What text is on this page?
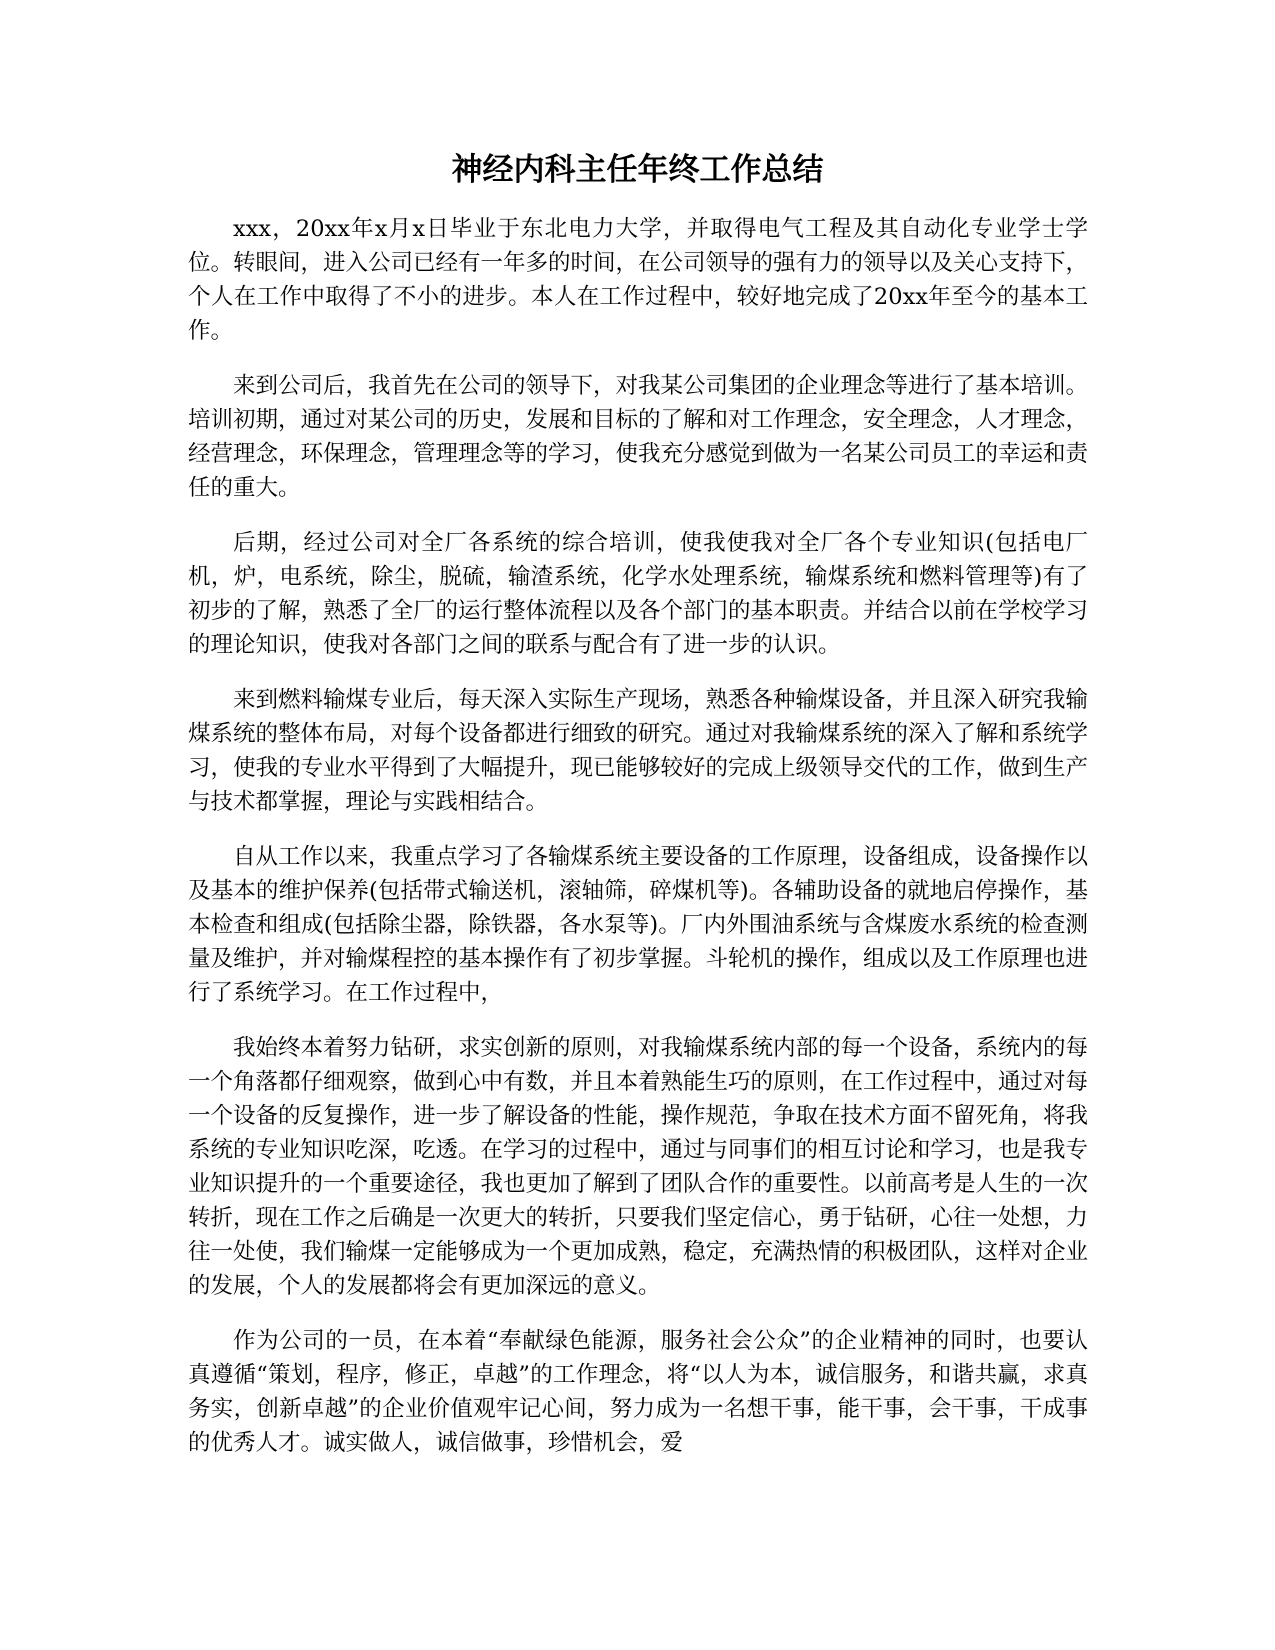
神经内科主任年终工作总结

xxx，20xx年x月x日毕业于东北电力大学，并取得电气工程及其自动化专业学士学位。转眼间，进入公司已经有一年多的时间，在公司领导的强有力的领导以及关心支持下，个人在工作中取得了不小的进步。本人在工作过程中，较好地完成了20xx年至今的基本工作。

来到公司后，我首先在公司的领导下，对我某公司集团的企业理念等进行了基本培训。培训初期，通过对某公司的历史，发展和目标的了解和对工作理念，安全理念，人才理念，经营理念，环保理念，管理理念等的学习，使我充分感觉到做为一名某公司员工的幸运和责任的重大。

后期，经过公司对全厂各系统的综合培训，使我使我对全厂各个专业知识(包括电厂机，炉，电系统，除尘，脱硫，输渣系统，化学水处理系统，输煤系统和燃料管理等)有了初步的了解，熟悉了全厂的运行整体流程以及各个部门的基本职责。并结合以前在学校学习的理论知识，使我对各部门之间的联系与配合有了进一步的认识。

来到燃料输煤专业后，每天深入实际生产现场，熟悉各种输煤设备，并且深入研究我输煤系统的整体布局，对每个设备都进行细致的研究。通过对我输煤系统的深入了解和系统学习，使我的专业水平得到了大幅提升，现已能够较好的完成上级领导交代的工作，做到生产与技术都掌握，理论与实践相结合。

自从工作以来，我重点学习了各输煤系统主要设备的工作原理，设备组成，设备操作以及基本的维护保养(包括带式输送机，滚轴筛，碎煤机等)。各辅助设备的就地启停操作，基本检查和组成(包括除尘器，除铁器，各水泵等)。厂内外围油系统与含煤废水系统的检查测量及维护，并对输煤程控的基本操作有了初步掌握。斗轮机的操作，组成以及工作原理也进行了系统学习。在工作过程中，

我始终本着努力钻研，求实创新的原则，对我输煤系统内部的每一个设备，系统内的每一个角落都仔细观察，做到心中有数，并且本着熟能生巧的原则，在工作过程中，通过对每一个设备的反复操作，进一步了解设备的性能，操作规范，争取在技术方面不留死角，将我系统的专业知识吃深，吃透。在学习的过程中，通过与同事们的相互讨论和学习，也是我专业知识提升的一个重要途径，我也更加了解到了团队合作的重要性。以前高考是人生的一次转折，现在工作之后确是一次更大的转折，只要我们坚定信心，勇于钻研，心往一处想，力往一处使，我们输煤一定能够成为一个更加成熟，稳定，充满热情的积极团队，这样对企业的发展，个人的发展都将会有更加深远的意义。

作为公司的一员，在本着“奉献绿色能源，服务社会公众”的企业精神的同时，也要认真遵循“策划，程序，修正，卓越”的工作理念，将“以人为本，诚信服务，和谐共赢，求真务实，创新卓越”的企业价值观牢记心间，努力成为一名想干事，能干事，会干事，干成事的优秀人才。诚实做人，诚信做事，珍惜机会，爱
